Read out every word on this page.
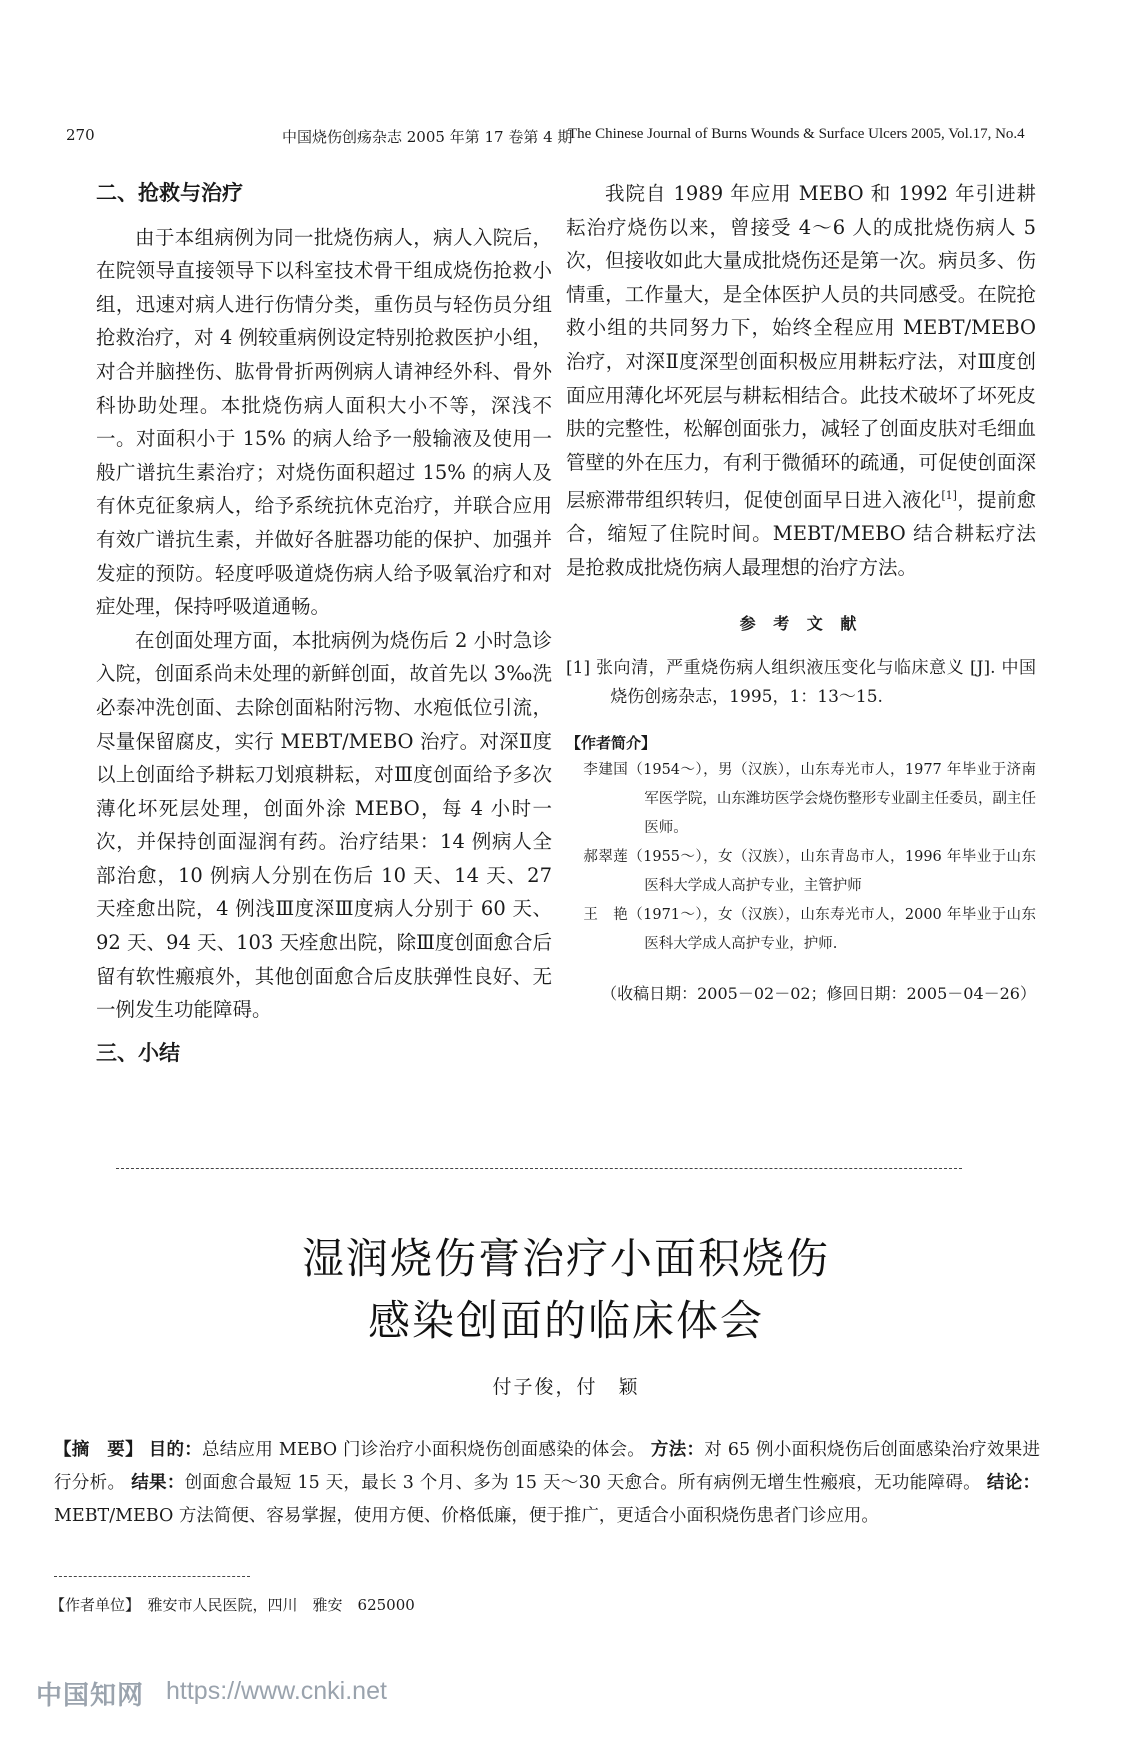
270	中国烧伤创疡杂志 2005 年第 17 卷第 4 期
The Chinese Journal of Burns Wounds & Surface Ulcers 2005, Vol.17, No.4

二、抢救与治疗

由于本组病例为同一批烧伤病人，病人入院后，在院领导直接领导下以科室技术骨干组成烧伤抢救小组，迅速对病人进行伤情分类，重伤员与轻伤员分组抢救治疗，对 4 例较重病例设定特别抢救医护小组，对合并脑挫伤、肱骨骨折两例病人请神经外科、骨外科协助处理。本批烧伤病人面积大小不等，深浅不一。对面积小于 15% 的病人给予一般输液及使用一般广谱抗生素治疗；对烧伤面积超过 15% 的病人及有休克征象病人，给予系统抗休克治疗，并联合应用有效广谱抗生素，并做好各脏器功能的保护、加强并发症的预防。轻度呼吸道烧伤病人给予吸氧治疗和对症处理，保持呼吸道通畅。

在创面处理方面，本批病例为烧伤后 2 小时急诊入院，创面系尚未处理的新鲜创面，故首先以 3‰洗必泰冲洗创面、去除创面粘附污物、水疱低位引流，尽量保留腐皮，实行 MEBT/MEBO 治疗。对深Ⅱ度以上创面给予耕耘刀划痕耕耘，对Ⅲ度创面给予多次薄化坏死层处理，创面外涂 MEBO，每 4 小时一次，并保持创面湿润有药。治疗结果：14 例病人全部治愈，10 例病人分别在伤后 10 天、14 天、27 天痊愈出院，4 例浅Ⅲ度深Ⅲ度病人分别于 60 天、92 天、94 天、103 天痊愈出院，除Ⅲ度创面愈合后留有软性瘢痕外，其他创面愈合后皮肤弹性良好、无一例发生功能障碍。

三、小结

我院自 1989 年应用 MEBO 和 1992 年引进耕耘治疗烧伤以来，曾接受 4～6 人的成批烧伤病人 5 次，但接收如此大量成批烧伤还是第一次。病员多、伤情重，工作量大，是全体医护人员的共同感受。在院抢救小组的共同努力下，始终全程应用 MEBT/MEBO 治疗，对深Ⅱ度深型创面积极应用耕耘疗法，对Ⅲ度创面应用薄化坏死层与耕耘相结合。此技术破坏了坏死皮肤的完整性，松解创面张力，减轻了创面皮肤对毛细血管壁的外在压力，有利于微循环的疏通，可促使创面深层瘀滞带组织转归，促使创面早日进入液化[1]，提前愈合，缩短了住院时间。MEBT/MEBO 结合耕耘疗法是抢救成批烧伤病人最理想的治疗方法。

参 考 文 献

[1] 张向清，严重烧伤病人组织液压变化与临床意义 [J]. 中国烧伤创疡杂志，1995，1：13～15.

【作者简介】

李建国（1954～），男（汉族），山东寿光市人，1977 年毕业于济南军医学院，山东潍坊医学会烧伤整形专业副主任委员，副主任医师。

郝翠莲（1955～），女（汉族），山东青岛市人，1996 年毕业于山东医科大学成人高护专业，主管护师

王　艳（1971～），女（汉族），山东寿光市人，2000 年毕业于山东医科大学成人高护专业，护师.

（收稿日期：2005－02－02；修回日期：2005－04－26）

湿润烧伤膏治疗小面积烧伤
感染创面的临床体会
付子俊，付　颖
【摘　要】 目的：总结应用 MEBO 门诊治疗小面积烧伤创面感染的体会。 方法：对 65 例小面积烧伤后创面感染治疗效果进行分析。 结果：创面愈合最短 15 天，最长 3 个月、多为 15 天～30 天愈合。所有病例无增生性瘢痕，无功能障碍。 结论：MEBT/MEBO 方法简便、容易掌握，使用方便、价格低廉，便于推广，更适合小面积烧伤患者门诊应用。
【作者单位】　 雅安市人民医院，四川　雅安　625000
中国知网 https://www.cnki.net
